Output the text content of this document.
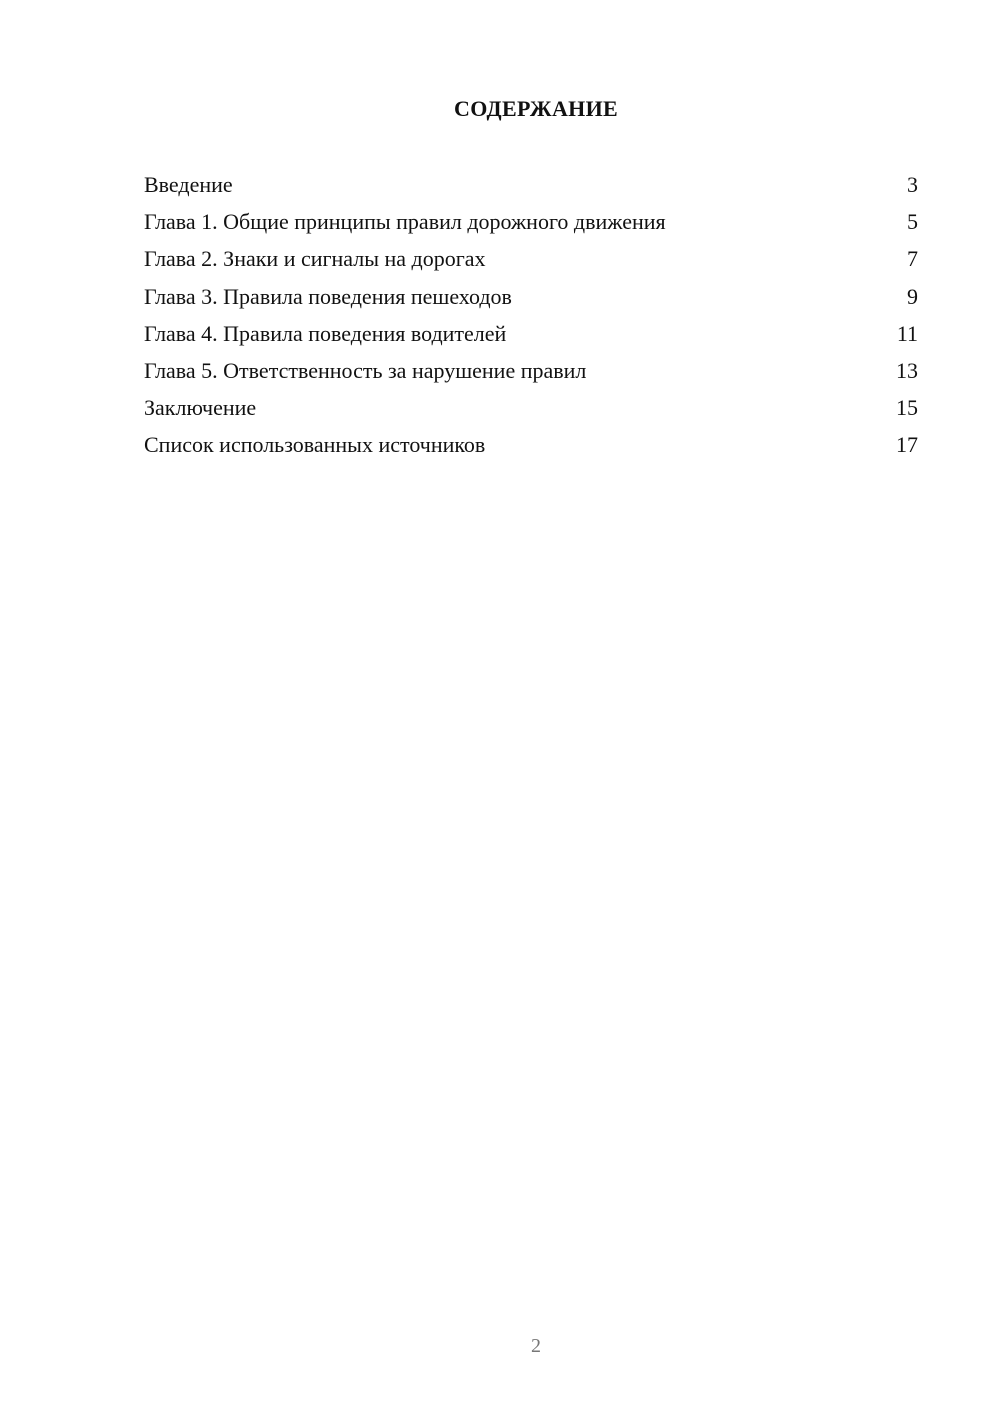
СОДЕРЖАНИЕ
Введение	3
Глава 1. Общие принципы правил дорожного движения	5
Глава 2. Знаки и сигналы на дорогах	7
Глава 3. Правила поведения пешеходов	9
Глава 4. Правила поведения водителей	11
Глава 5. Ответственность за нарушение правил	13
Заключение	15
Список использованных источников	17
2
